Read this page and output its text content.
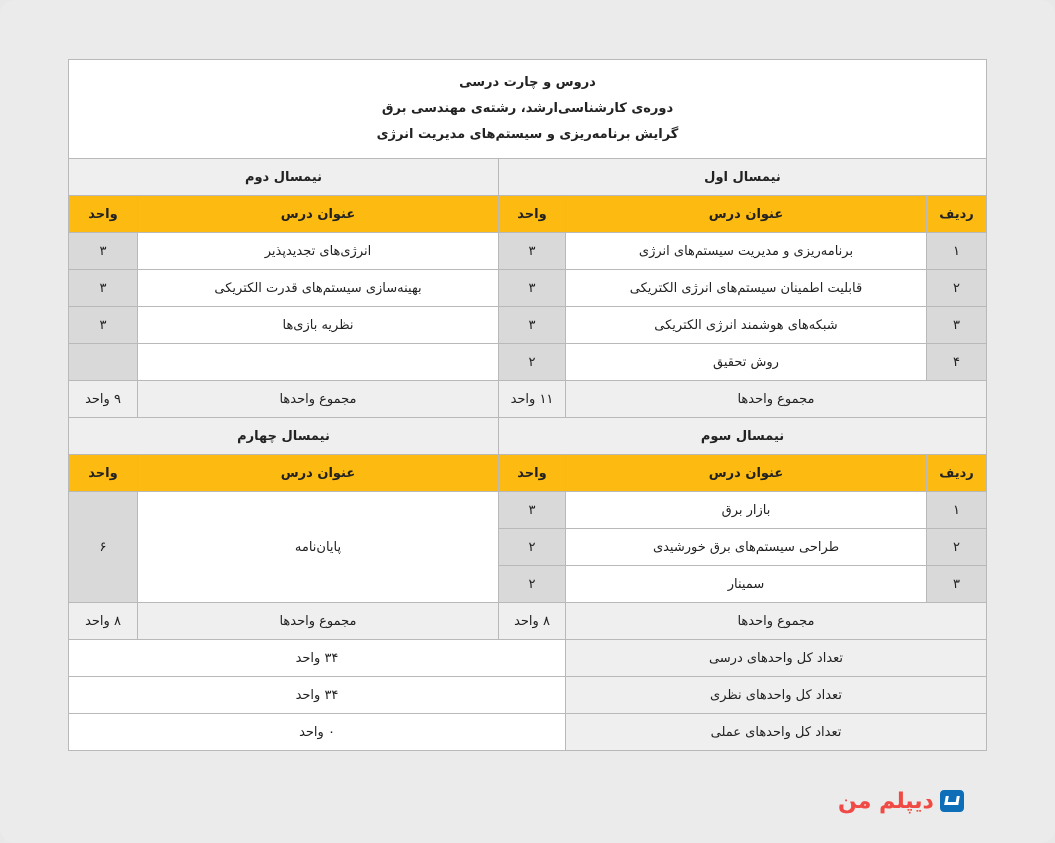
دروس و چارت درسی
دوره‌ی کارشناسی‌ارشد، رشته‌ی مهندسی برق
گرایش برنامه‌ریزی و سیستم‌های مدیریت انرژی				

نیمسال دوم		نیمسال اول		
واحد	عنوان درس	واحد	عنوان درس	ردیف
۳	انرژی‌های تجدیدپذیر	۳	برنامه‌ریزی و مدیریت سیستم‌های انرژی	۱
۳	بهینه‌سازی سیستم‌های قدرت الکتریکی	۳	قابلیت اطمینان سیستم‌های انرژی الکتریکی	۲
۳	نظریه بازی‌ها	۳	شبکه‌های هوشمند انرژی الکتریکی	۳
		۲	روش تحقیق	۴
۹ واحد	مجموع واحدها	۱۱ واحد	مجموع واحدها	
نیمسال چهارم		نیمسال سوم		
واحد	عنوان درس	واحد	عنوان درس	ردیف
۶	پایان‌نامه	۳	بازار برق	۱
		۲	طراحی سیستم‌های برق خورشیدی	۲
		۲	سمینار	۳
۸ واحد	مجموع واحدها	۸ واحد	مجموع واحدها	
۳۴ واحد			تعداد کل واحدهای درسی	
۳۴ واحد			تعداد کل واحدهای نظری	
۰ واحد			تعداد کل واحدهای عملی	
دیپلم من
